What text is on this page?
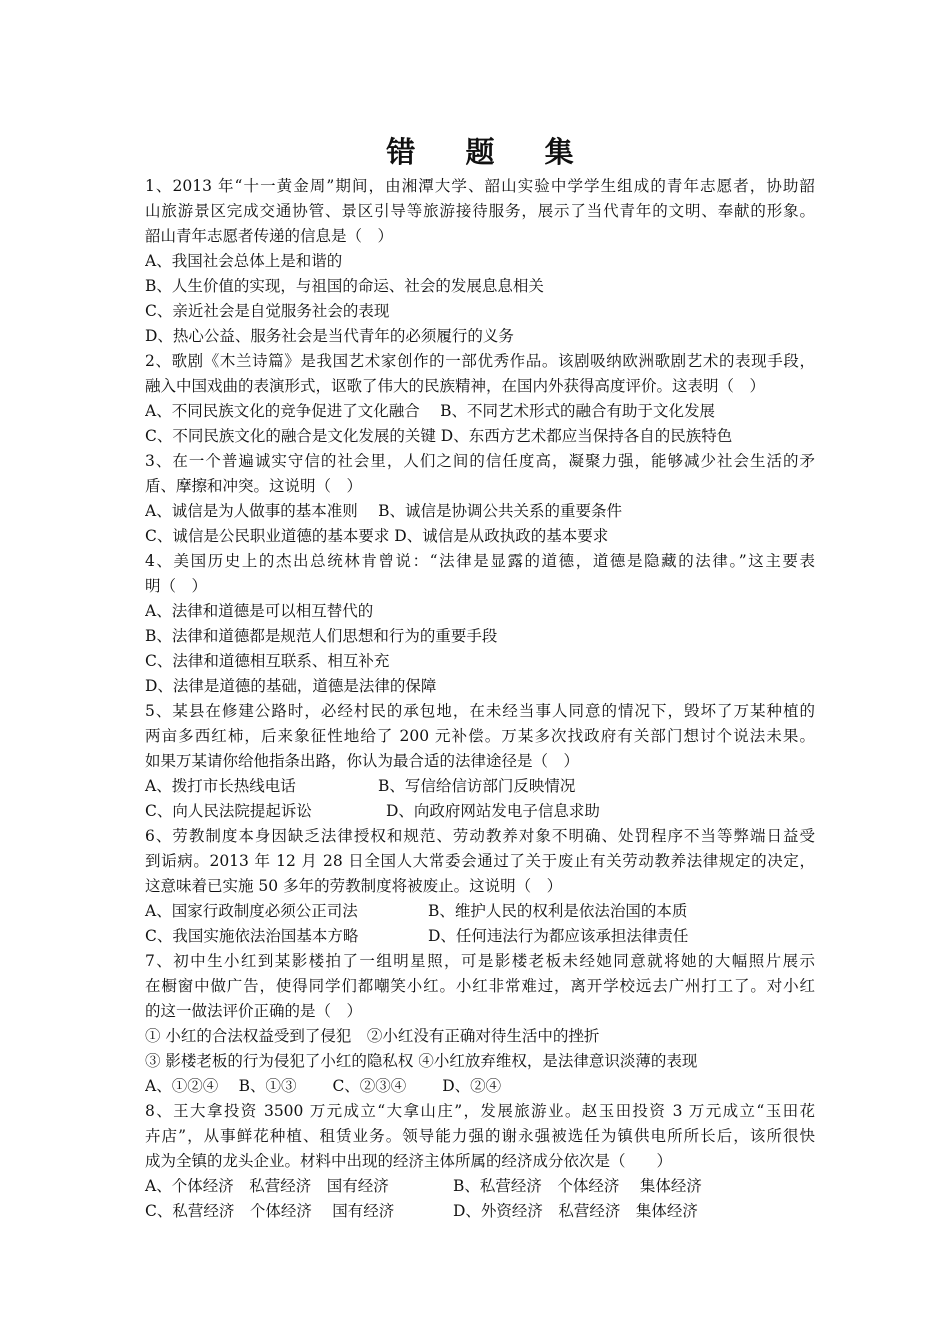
错 题 集
1、2013 年“十一黄金周”期间，由湘潭大学、韶山实验中学学生组成的青年志愿者，协助韶
山旅游景区完成交通协管、景区引导等旅游接待服务，展示了当代青年的文明、奉献的形象。
韶山青年志愿者传递的信息是（　）
A、我国社会总体上是和谐的
B、人生价值的实现，与祖国的命运、社会的发展息息相关
C、亲近社会是自觉服务社会的表现
D、热心公益、服务社会是当代青年的必须履行的义务
2、歌剧《木兰诗篇》是我国艺术家创作的一部优秀作品。该剧吸纳欧洲歌剧艺术的表现手段，
融入中国戏曲的表演形式，讴歌了伟大的民族精神，在国内外获得高度评价。这表明（　）
A、不同民族文化的竞争促进了文化融合　 B、不同艺术形式的融合有助于文化发展
C、不同民族文化的融合是文化发展的关键 D、东西方艺术都应当保持各自的民族特色
3、在一个普遍诚实守信的社会里，人们之间的信任度高，凝聚力强，能够减少社会生活的矛
盾、摩擦和冲突。这说明（　）
A、诚信是为人做事的基本准则　 B、诚信是协调公共关系的重要条件
C、诚信是公民职业道德的基本要求 D、诚信是从政执政的基本要求
4、美国历史上的杰出总统林肯曾说：“法律是显露的道德，道德是隐藏的法律。”这主要表
明（　）
A、法律和道德是可以相互替代的
B、法律和道德都是规范人们思想和行为的重要手段
C、法律和道德相互联系、相互补充
D、法律是道德的基础，道德是法律的保障
5、某县在修建公路时，必经村民的承包地，在未经当事人同意的情况下，毁坏了万某种植的
两亩多西红柿，后来象征性地给了 200 元补偿。万某多次找政府有关部门想讨个说法未果。
如果万某请你给他指条出路，你认为最合适的法律途径是（　）
A、拨打市长热线电话	B、写信给信访部门反映情况
C、向人民法院提起诉讼	D、向政府网站发电子信息求助
6、劳教制度本身因缺乏法律授权和规范、劳动教养对象不明确、处罚程序不当等弊端日益受
到诟病。2013 年 12 月 28 日全国人大常委会通过了关于废止有关劳动教养法律规定的决定，
这意味着已实施 50 多年的劳教制度将被废止。这说明（　）
A、国家行政制度必须公正司法	B、维护人民的权利是依法治国的本质
C、我国实施依法治国基本方略	D、任何违法行为都应该承担法律责任
7、初中生小红到某影楼拍了一组明星照，可是影楼老板未经她同意就将她的大幅照片展示
在橱窗中做广告，使得同学们都嘲笑小红。小红非常难过，离开学校远去广州打工了。对小红
的这一做法评价正确的是（　）
① 小红的合法权益受到了侵犯　②小红没有正确对待生活中的挫折
③ 影楼老板的行为侵犯了小红的隐私权 ④小红放弃维权，是法律意识淡薄的表现
A、①②④　 B、①③　　 C、②③④　　 D、②④
8、王大拿投资 3500 万元成立“大拿山庄”，发展旅游业。赵玉田投资 3 万元成立“玉田花
卉店”，从事鲜花种植、租赁业务。领导能力强的谢永强被选任为镇供电所所长后，该所很快
成为全镇的龙头企业。材料中出现的经济主体所属的经济成分依次是（　　）
A、个体经济　私营经济　国有经济	B、私营经济　个体经济　 集体经济
C、私营经济　个体经济　 国有经济	D、外资经济　私营经济　集体经济
